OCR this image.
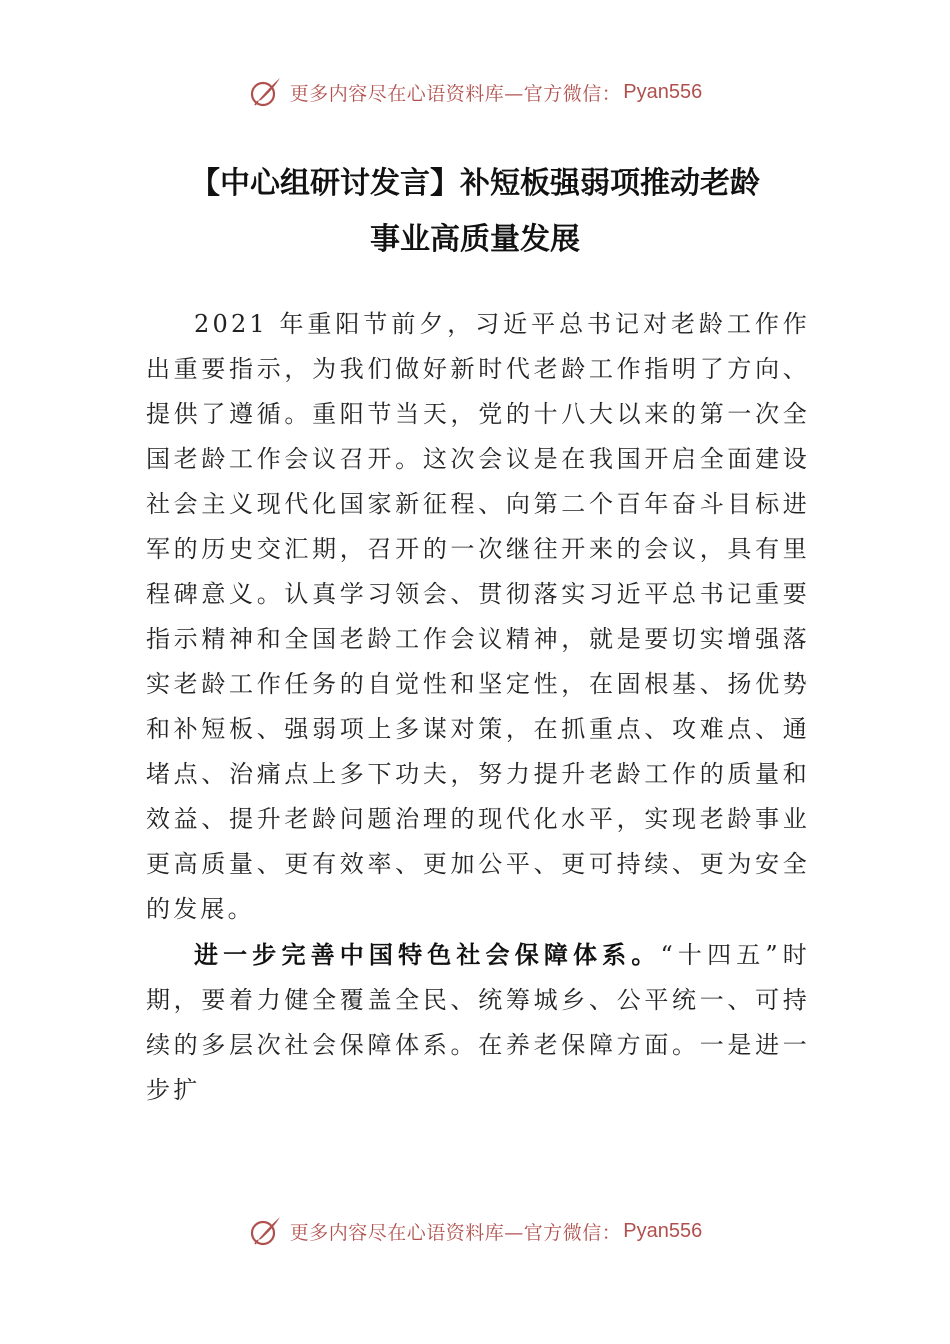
更多内容尽在心语资料库—官方微信： Pyan556
【中心组研讨发言】补短板强弱项推动老龄
事业高质量发展

2021 年重阳节前夕，习近平总书记对老龄工作作出重要指示，为我们做好新时代老龄工作指明了方向、提供了遵循。重阳节当天，党的十八大以来的第一次全国老龄工作会议召开。这次会议是在我国开启全面建设社会主义现代化国家新征程、向第二个百年奋斗目标进军的历史交汇期，召开的一次继往开来的会议，具有里程碑意义。认真学习领会、贯彻落实习近平总书记重要指示精神和全国老龄工作会议精神，就是要切实增强落实老龄工作任务的自觉性和坚定性，在固根基、扬优势和补短板、强弱项上多谋对策，在抓重点、攻难点、通堵点、治痛点上多下功夫，努力提升老龄工作的质量和效益、提升老龄问题治理的现代化水平，实现老龄事业更高质量、更有效率、更加公平、更可持续、更为安全的发展。

进一步完善中国特色社会保障体系。“十四五”时期，要着力健全覆盖全民、统筹城乡、公平统一、可持续的多层次社会保障体系。在养老保障方面。一是进一步扩

更多内容尽在心语资料库—官方微信： Pyan556
